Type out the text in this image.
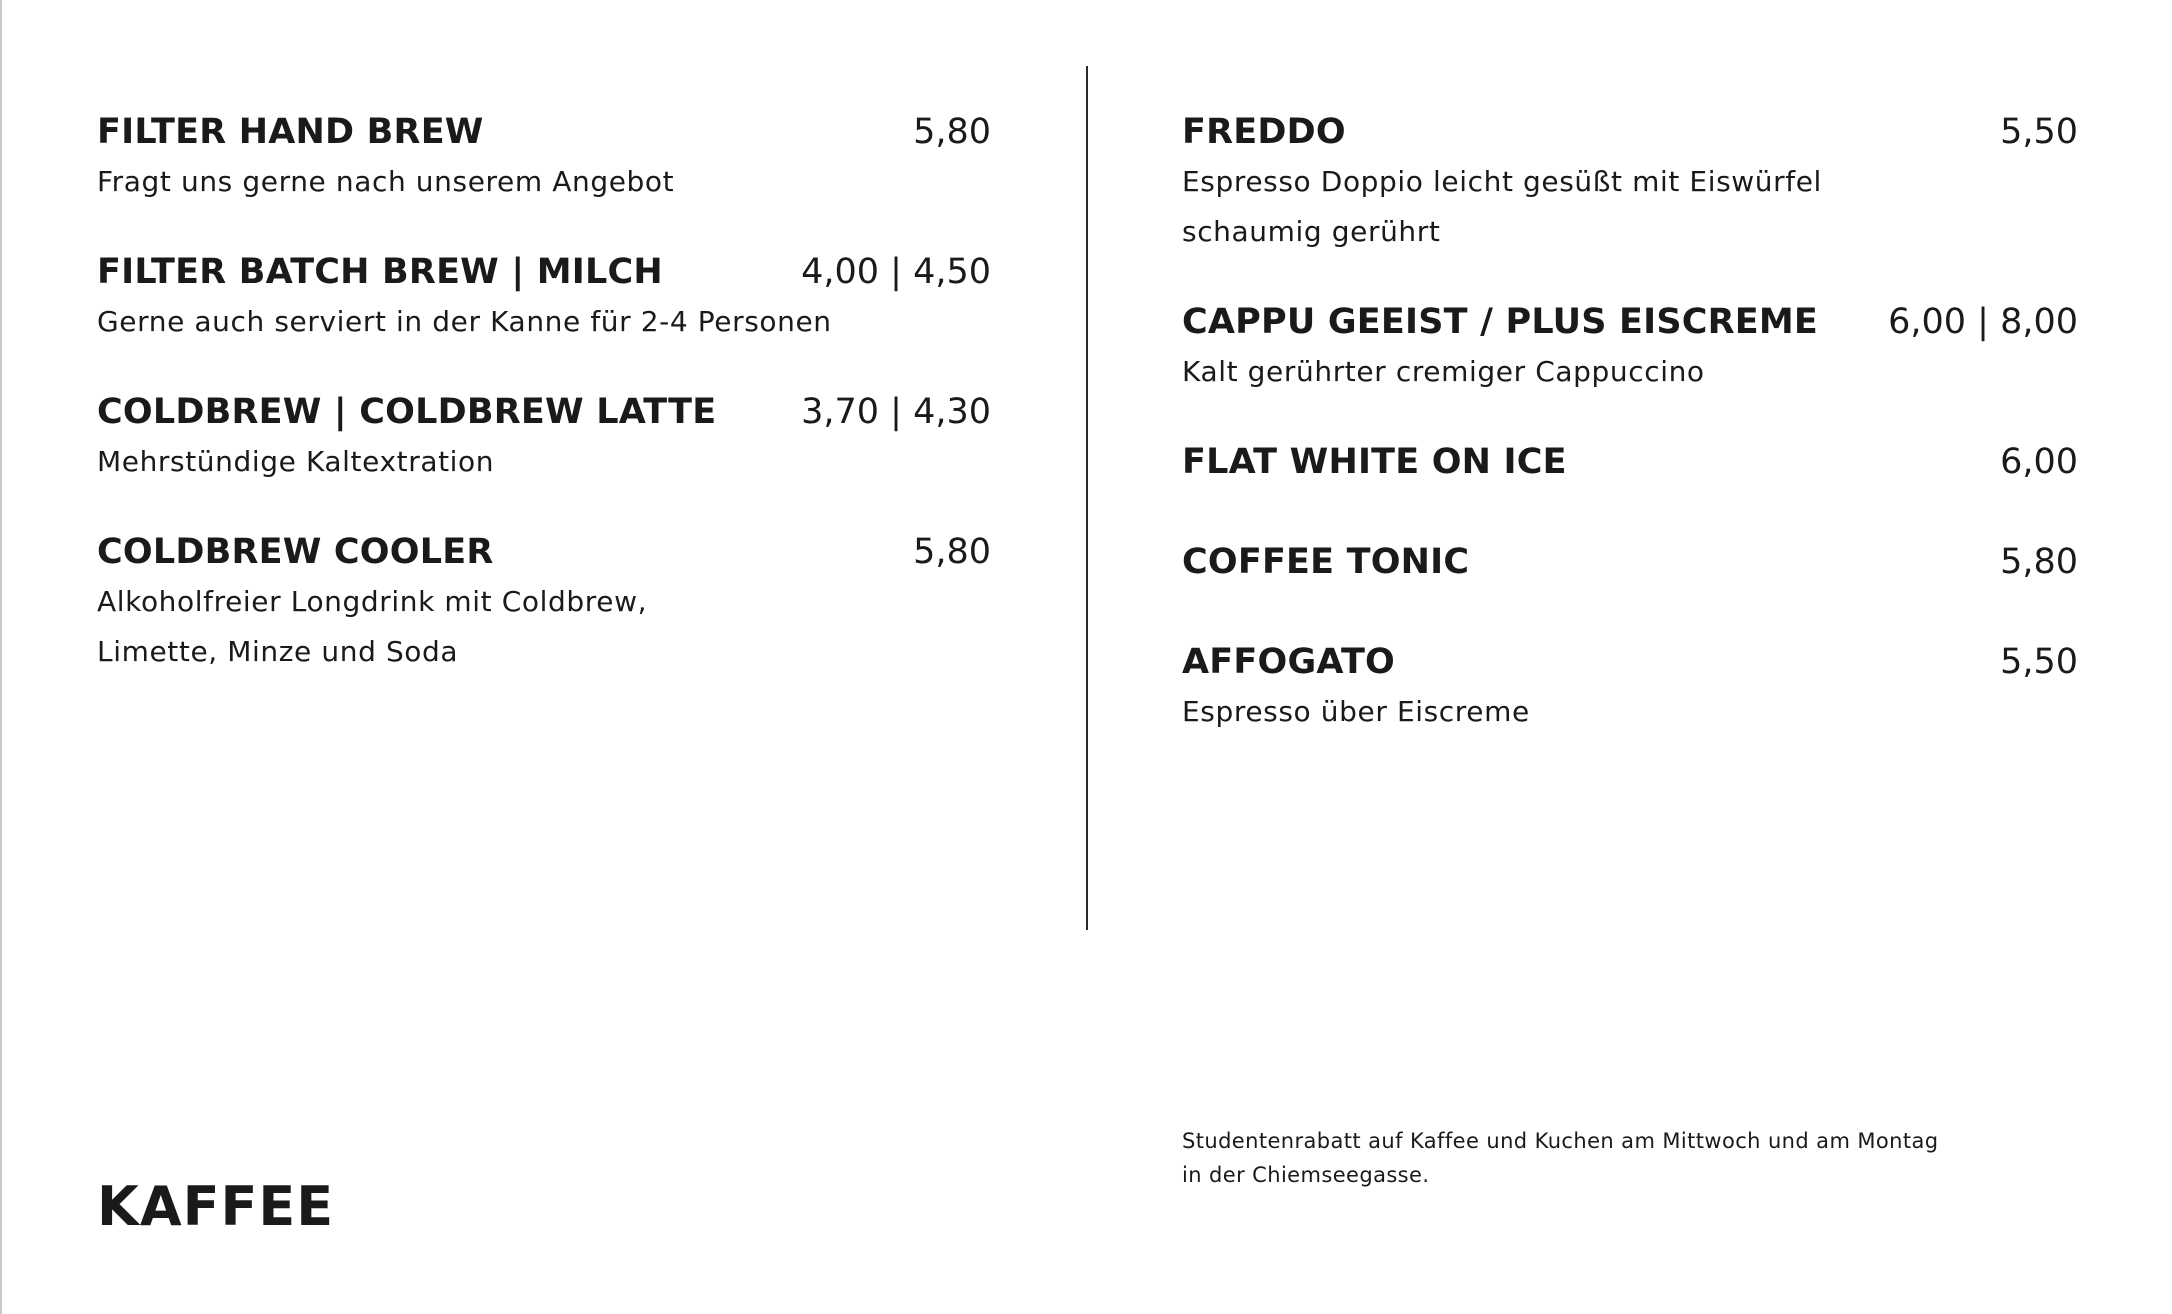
FILTER HAND BREW	5,80
Fragt uns gerne nach unserem Angebot
FILTER BATCH BREW | MILCH	4,00 | 4,50
Gerne auch serviert in der Kanne für 2-4 Personen
COLDBREW | COLDBREW LATTE 3,70 | 4,30
Mehrstündige Kaltextration
COLDBREW COOLER	5,80
Alkoholfreier Longdrink mit Coldbrew,
Limette, Minze und Soda
FREDDO	5,50
Espresso Doppio leicht gesüßt mit Eiswürfel
schaumig gerührt
CAPPU GEEIST / PLUS EISCREME 6,00 | 8,00
Kalt gerührter cremiger Cappuccino
FLAT WHITE ON ICE	6,00
COFFEE TONIC	5,80
AFFOGATO	5,50
Espresso über Eiscreme
Studentenrabatt auf Kaffee und Kuchen am Mittwoch und am Montag
in der Chiemseegasse.
KAFFEE
